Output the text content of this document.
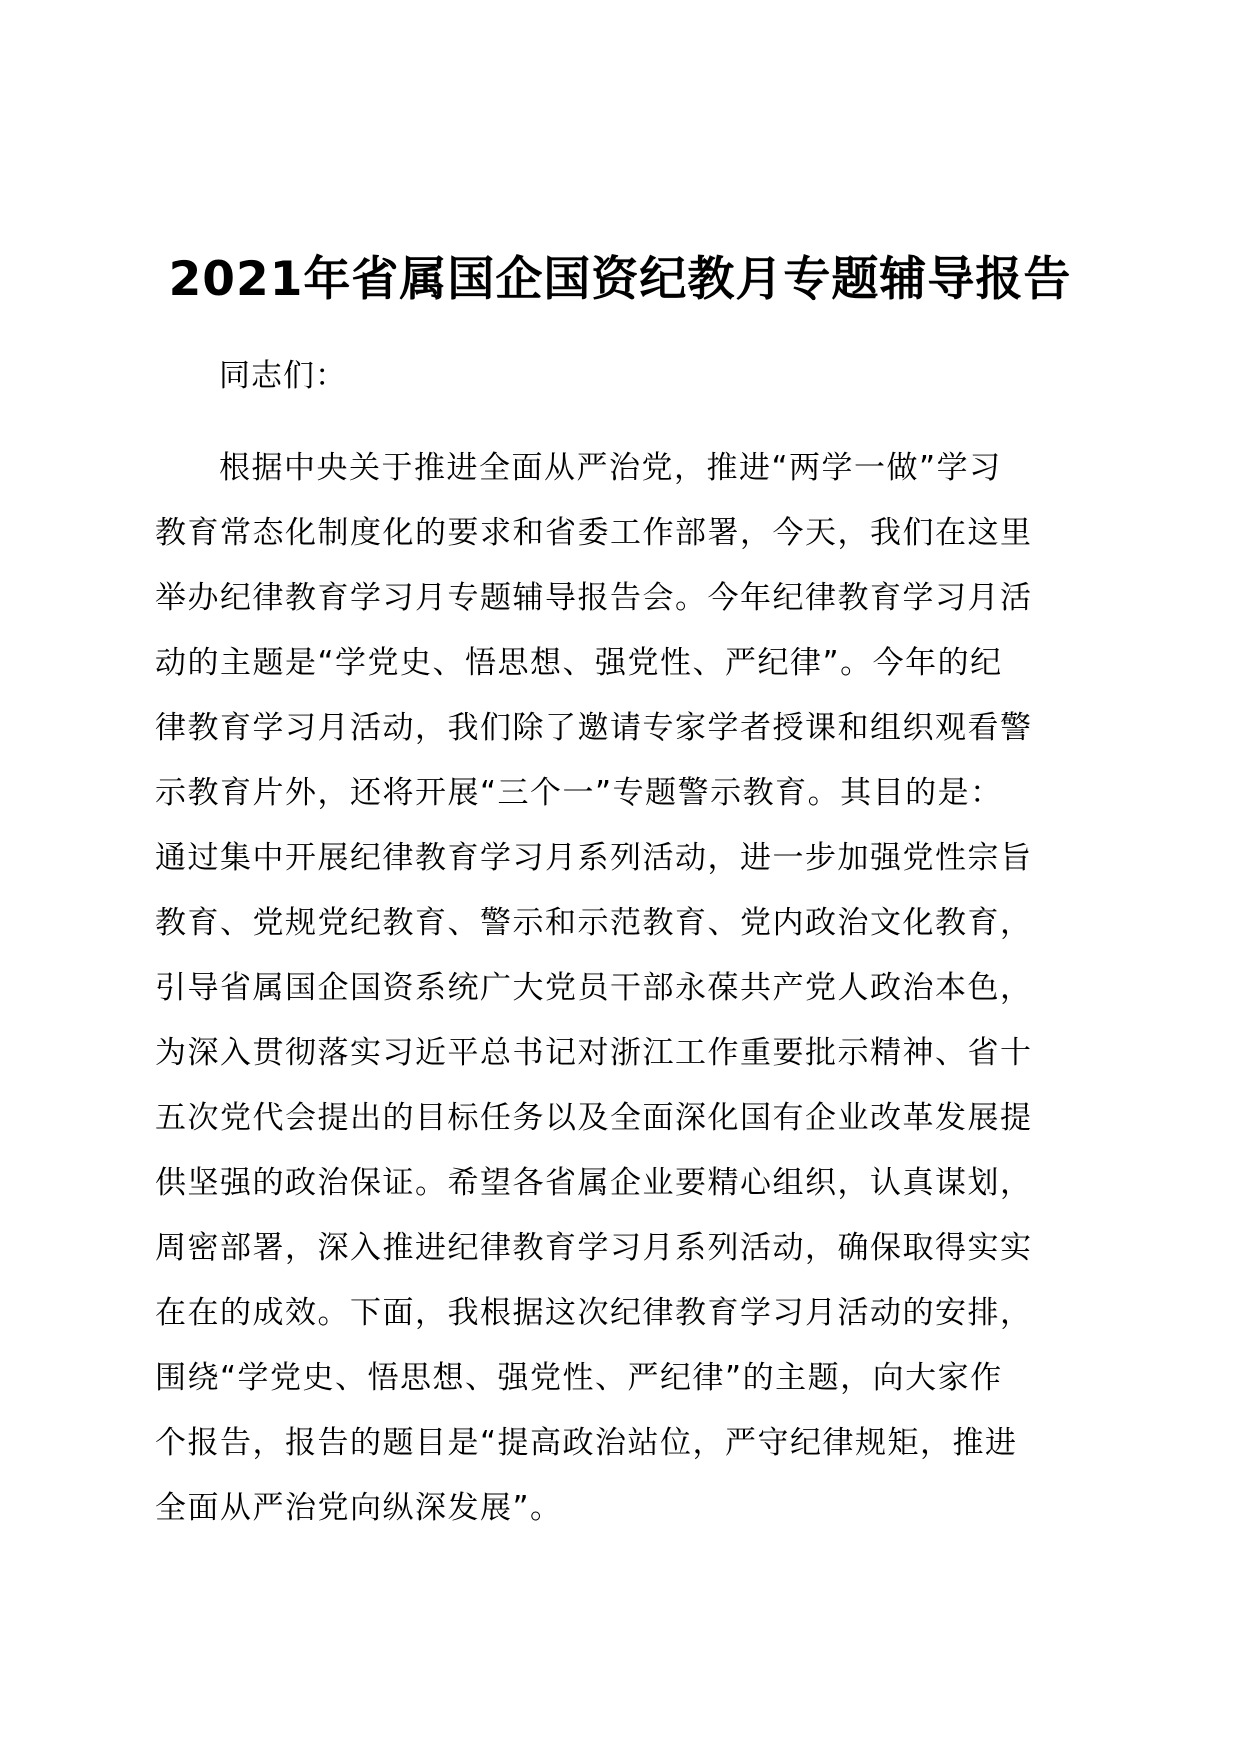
2021年省属国企国资纪教月专题辅导报告

同志们：

根据中央关于推进全面从严治党，推进“两学一做”学习
教育常态化制度化的要求和省委工作部署，今天，我们在这里
举办纪律教育学习月专题辅导报告会。今年纪律教育学习月活
动的主题是“学党史、悟思想、强党性、严纪律”。今年的纪
律教育学习月活动，我们除了邀请专家学者授课和组织观看警
示教育片外，还将开展“三个一”专题警示教育。其目的是：
通过集中开展纪律教育学习月系列活动，进一步加强党性宗旨
教育、党规党纪教育、警示和示范教育、党内政治文化教育，
引导省属国企国资系统广大党员干部永葆共产党人政治本色，
为深入贯彻落实习近平总书记对浙江工作重要批示精神、省十
五次党代会提出的目标任务以及全面深化国有企业改革发展提
供坚强的政治保证。希望各省属企业要精心组织，认真谋划，
周密部署，深入推进纪律教育学习月系列活动，确保取得实实
在在的成效。下面，我根据这次纪律教育学习月活动的安排，
围绕“学党史、悟思想、强党性、严纪律”的主题，向大家作
个报告，报告的题目是“提高政治站位，严守纪律规矩，推进
全面从严治党向纵深发展”。
